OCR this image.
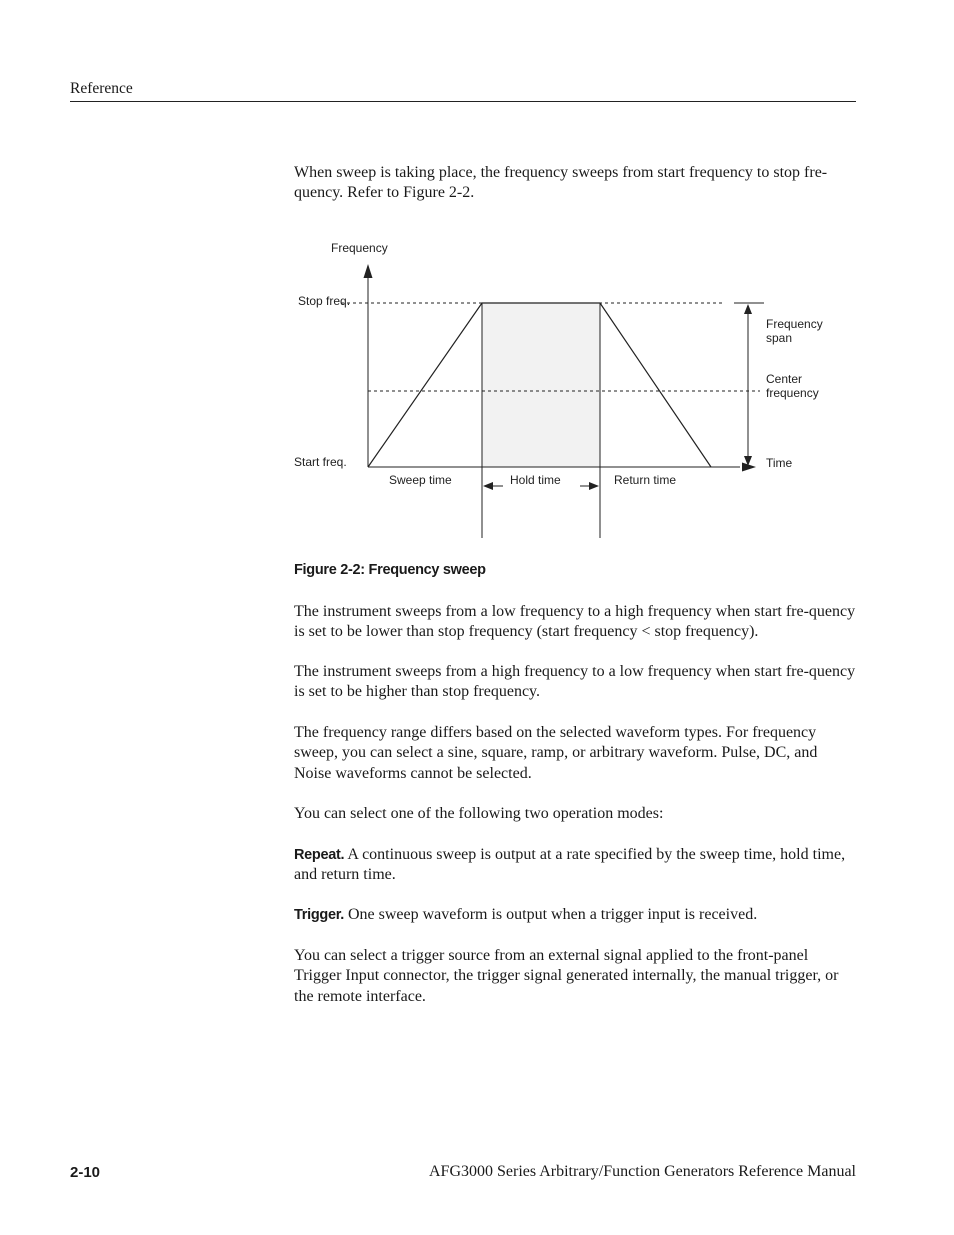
Reference

When sweep is taking place, the frequency sweeps from start frequency to stop fre-quency. Refer to Figure 2-2.

Frequency
Stop freq.
Start freq.
Frequency
span
Center
frequency
Time
Sweep time	Hold time	Return time
Figure 2-2: Frequency sweep

The instrument sweeps from a low frequency to a high frequency when start fre-quency is set to be lower than stop frequency (start frequency < stop frequency).

The instrument sweeps from a high frequency to a low frequency when start fre-quency is set to be higher than stop frequency.

The frequency range differs based on the selected waveform types. For frequency sweep, you can select a sine, square, ramp, or arbitrary waveform. Pulse, DC, and Noise waveforms cannot be selected.

You can select one of the following two operation modes:

Repeat. A continuous sweep is output at a rate specified by the sweep time, hold time, and return time.

Trigger. One sweep waveform is output when a trigger input is received.

You can select a trigger source from an external signal applied to the front-panel Trigger Input connector, the trigger signal generated internally, the manual trigger, or the remote interface.

2-10	AFG3000 Series Arbitrary/Function Generators Reference Manual
